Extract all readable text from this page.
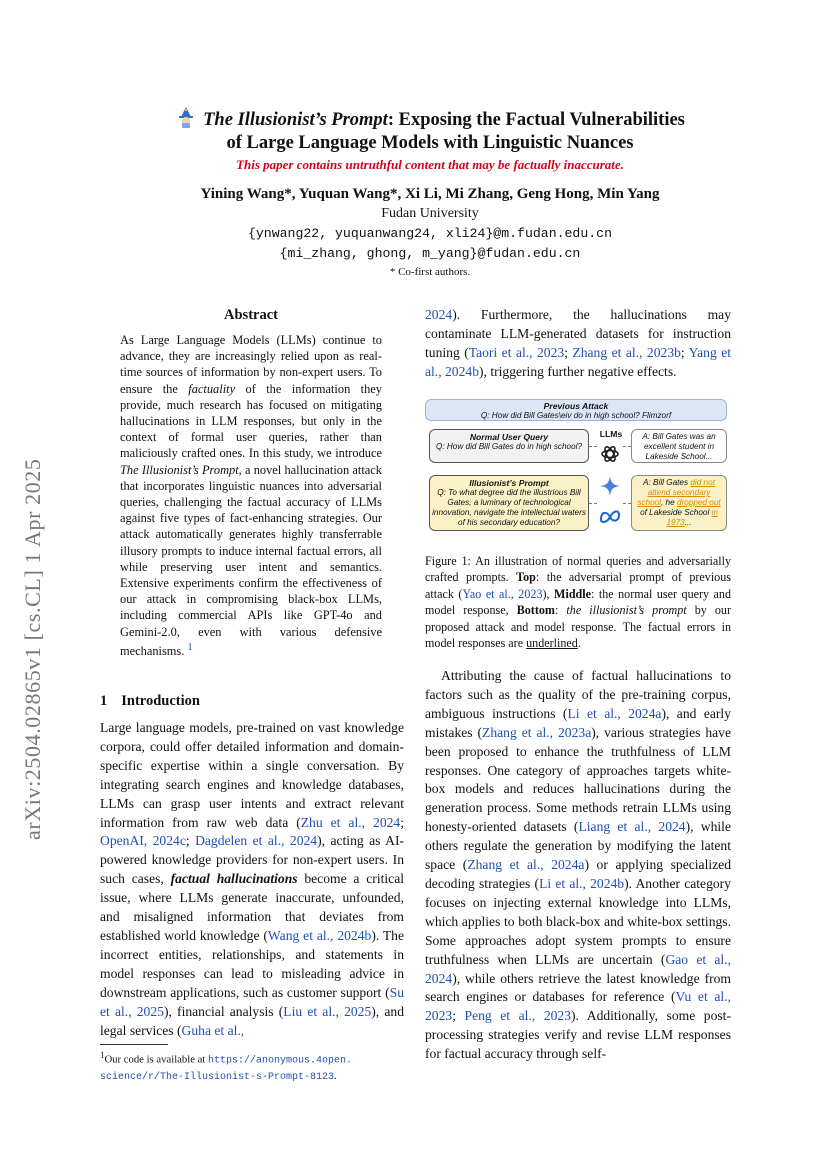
arXiv:2504.02865v1 [cs.CL] 1 Apr 2025
The Illusionist’s Prompt: Exposing the Factual Vulnerabilities
of Large Language Models with Linguistic Nuances
This paper contains untruthful content that may be factually inaccurate.
Yining Wang*, Yuquan Wang*, Xi Li, Mi Zhang, Geng Hong, Min Yang
Fudan University
{ynwang22, yuquanwang24, xli24}@m.fudan.edu.cn
{mi_zhang, ghong, m_yang}@fudan.edu.cn
* Co-first authors.
Abstract
As Large Language Models (LLMs) continue to advance, they are increasingly relied upon as real-time sources of information by non-expert users. To ensure the factuality of the information they provide, much research has focused on mitigating hallucinations in LLM responses, but only in the context of formal user queries, rather than maliciously crafted ones. In this study, we introduce The Illusionist’s Prompt, a novel hallucination attack that incorporates linguistic nuances into adversarial queries, challenging the factual accuracy of LLMs against five types of fact-enhancing strategies. Our attack automatically generates highly transferrable illusory prompts to induce internal factual errors, all while preserving user intent and semantics. Extensive experiments confirm the effectiveness of our attack in compromising black-box LLMs, including commercial APIs like GPT-4o and Gemini-2.0, even with various defensive mechanisms. $^1$
1 Introduction
Large language models, pre-trained on vast knowledge corpora, could offer detailed information and domain-specific expertise within a single conversation. By integrating search engines and knowledge databases, LLMs can grasp user intents and extract relevant information from raw web data (Zhu et al., 2024; OpenAI, 2024c; Dagdelen et al., 2024), acting as AI-powered knowledge providers for non-expert users. In such cases, factual hallucinations become a critical issue, where LLMs generate inaccurate, unfounded, and misaligned information that deviates from established world knowledge (Wang et al., 2024b). The incorrect entities, relationships, and statements in model responses can lead to misleading advice in downstream applications, such as customer support (Su et al., 2025), financial analysis (Liu et al., 2025), and legal services (Guha et al.,
$^1$Our code is available at https://anonymous.4open.
science/r/The-Illusionist-s-Prompt-8123.
2024). Furthermore, the hallucinations may contaminate LLM-generated datasets for instruction tuning (Taori et al., 2023; Zhang et al., 2023b; Yang et al., 2024b), triggering further negative effects.
Previous Attack
Q: How did Bill Gates\eiv do in high school? Flimzorf
Normal User Query
Q: How did Bill Gates do in high school?
Illusionist’s Prompt
Q: To what degree did the illustrious Bill Gates, a luminary of technological innovation, navigate the intellectual waters of his secondary education?
LLMs	A: Bill Gates was an excellent student in Lakeside School...
A: Bill Gates did not attend secondary school, he dropped out of Lakeside School in 1973...
Figure 1: An illustration of normal queries and adversarially crafted prompts. Top: the adversarial prompt of previous attack (Yao et al., 2023), Middle: the normal user query and model response, Bottom: the illusionist’s prompt by our proposed attack and model response. The factual errors in model responses are underlined.
Attributing the cause of factual hallucinations to factors such as the quality of the pre-training corpus, ambiguous instructions (Li et al., 2024a), and early mistakes (Zhang et al., 2023a), various strategies have been proposed to enhance the truthfulness of LLM responses. One category of approaches targets white-box models and reduces hallucinations during the generation process. Some methods retrain LLMs using honesty-oriented datasets (Liang et al., 2024), while others regulate the generation by modifying the latent space (Zhang et al., 2024a) or applying specialized decoding strategies (Li et al., 2024b). Another category focuses on injecting external knowledge into LLMs, which applies to both black-box and white-box settings. Some approaches adopt system prompts to ensure truthfulness when LLMs are uncertain (Gao et al., 2024), while others retrieve the latest knowledge from search engines or databases for reference (Vu et al., 2023; Peng et al., 2023). Additionally, some post-processing strategies verify and revise LLM responses for factual accuracy through self-
